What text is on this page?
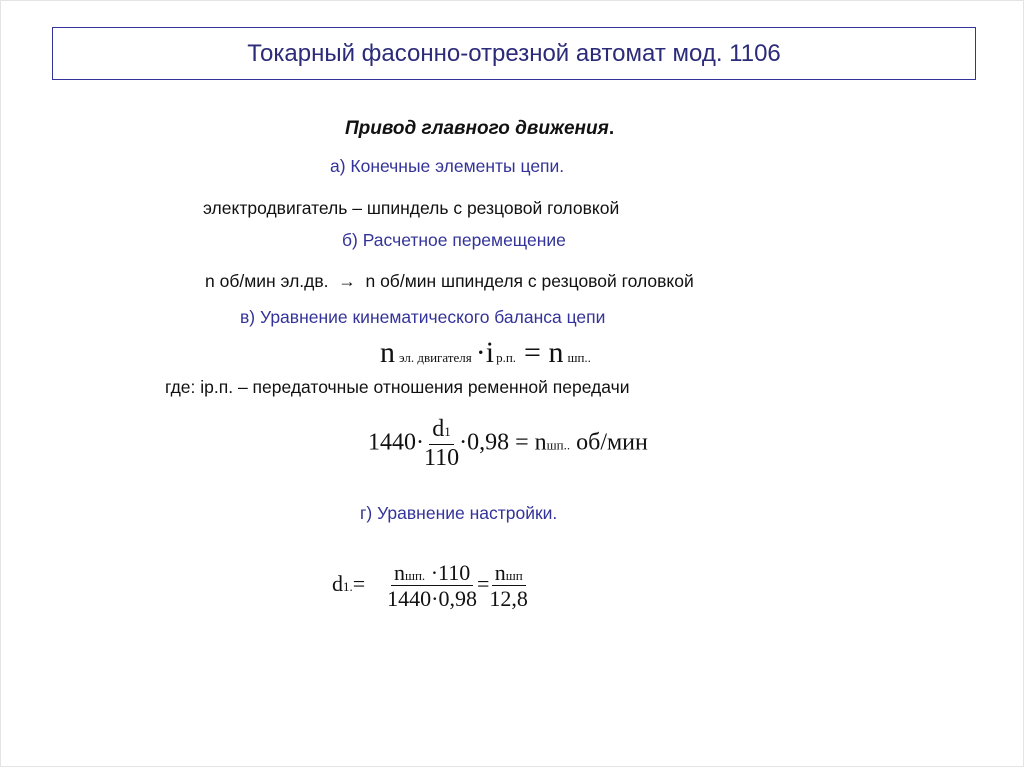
Токарный фасонно-отрезной автомат мод. 1106
Привод главного движения.
а) Конечные элементы цепи.
электродвигатель – шпиндель с резцовой головкой
б) Расчетное перемещение
n об/мин эл.дв.  →  n об/мин шпинделя с резцовой головкой
в) Уравнение кинематического баланса цепи
nэл. двигателя ·i р.п. = n шп..
где: iр.п. – передаточные отношения ременной передачи
$1440\cdot \frac{d1}{110} \cdot 0,98$ = nшп.. об/мин
г) Уравнение настройки.
$d1.= \frac{\text{nшп. ·110}}{1440\cdot 0,98} = \frac{\text{nшп}}{12,8}$
